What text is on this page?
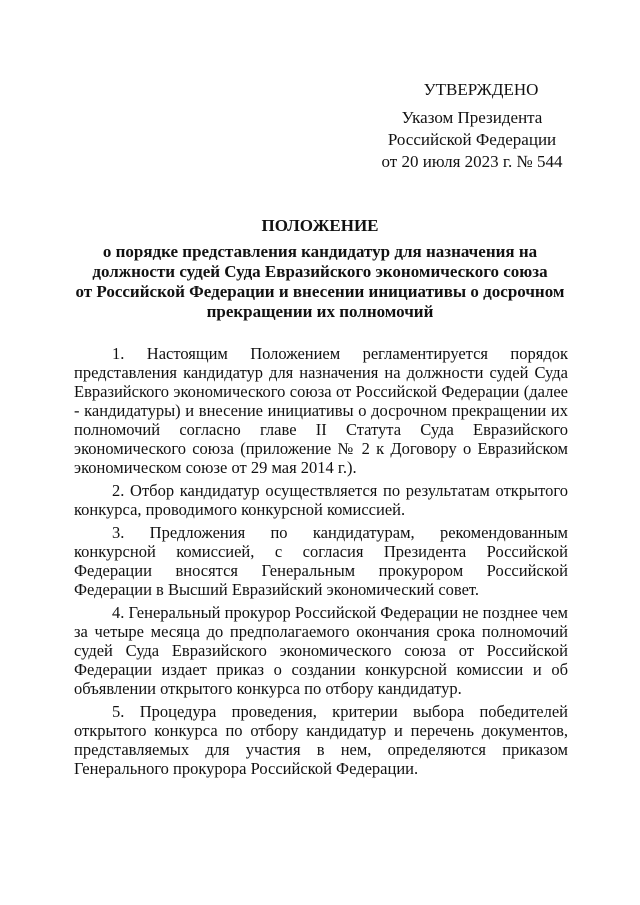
УТВЕРЖДЕНО
Указом Президента
Российской Федерации
от 20 июля 2023 г. № 544
ПОЛОЖЕНИЕ
о порядке представления кандидатур для назначения на
должности судей Суда Евразийского экономического союза
от Российской Федерации и внесении инициативы о досрочном
прекращении их полномочий

1. Настоящим Положением регламентируется порядок представления кандидатур для назначения на должности судей Суда Евразийского экономического союза от Российской Федерации (далее - кандидатуры) и внесение инициативы о досрочном прекращении их полномочий согласно главе II Статута Суда Евразийского экономического союза (приложение № 2 к Договору о Евразийском экономическом союзе от 29 мая 2014 г.).

2. Отбор кандидатур осуществляется по результатам открытого конкурса, проводимого конкурсной комиссией.

3. Предложения по кандидатурам, рекомендованным конкурсной комиссией, с согласия Президента Российской Федерации вносятся Генеральным прокурором Российской Федерации в Высший Евразийский экономический совет.

4. Генеральный прокурор Российской Федерации не позднее чем за четыре месяца до предполагаемого окончания срока полномочий судей Суда Евразийского экономического союза от Российской Федерации издает приказ о создании конкурсной комиссии и об объявлении открытого конкурса по отбору кандидатур.

5. Процедура проведения, критерии выбора победителей открытого конкурса по отбору кандидатур и перечень документов, представляемых для участия в нем, определяются приказом Генерального прокурора Российской Федерации.
